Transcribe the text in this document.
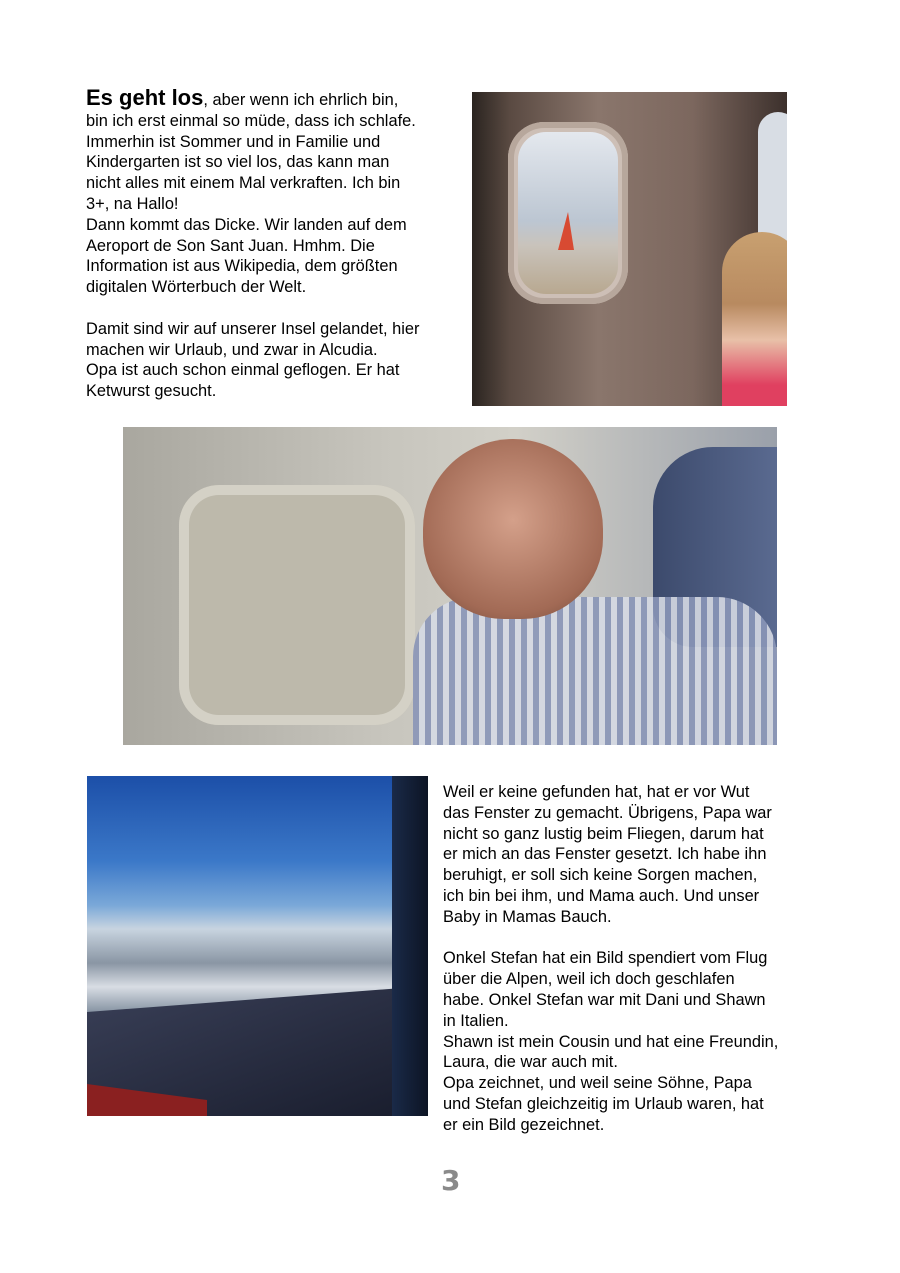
Es geht los, aber wenn ich ehrlich bin,
bin ich erst einmal so müde, dass ich schlafe.
Immerhin ist Sommer und in Familie und
Kindergarten ist so viel los, das kann man
nicht alles mit einem Mal verkraften. Ich bin
3+, na Hallo!
Dann kommt das Dicke. Wir landen auf dem
Aeroport de Son Sant Juan. Hmhm. Die
Information ist aus Wikipedia, dem größten
digitalen Wörterbuch der Welt.
Damit sind wir auf unserer Insel gelandet, hier
machen wir Urlaub, und zwar in Alcudia.
Opa ist auch schon einmal geflogen. Er hat
Ketwurst gesucht.
Weil er keine gefunden hat, hat er vor Wut
das Fenster zu gemacht. Übrigens, Papa war
nicht so ganz lustig beim Fliegen, darum hat
er mich an das Fenster gesetzt. Ich habe ihn
beruhigt, er soll sich keine Sorgen machen,
ich bin bei ihm, und Mama auch. Und unser
Baby in Mamas Bauch.
Onkel Stefan hat ein Bild spendiert vom Flug
über die Alpen, weil ich doch geschlafen
habe. Onkel Stefan war mit Dani und Shawn
in Italien.
Shawn ist mein Cousin und hat eine Freundin,
Laura, die war auch mit.
Opa zeichnet, und weil seine Söhne, Papa
und Stefan gleichzeitig im Urlaub waren, hat
er ein Bild gezeichnet.
3
